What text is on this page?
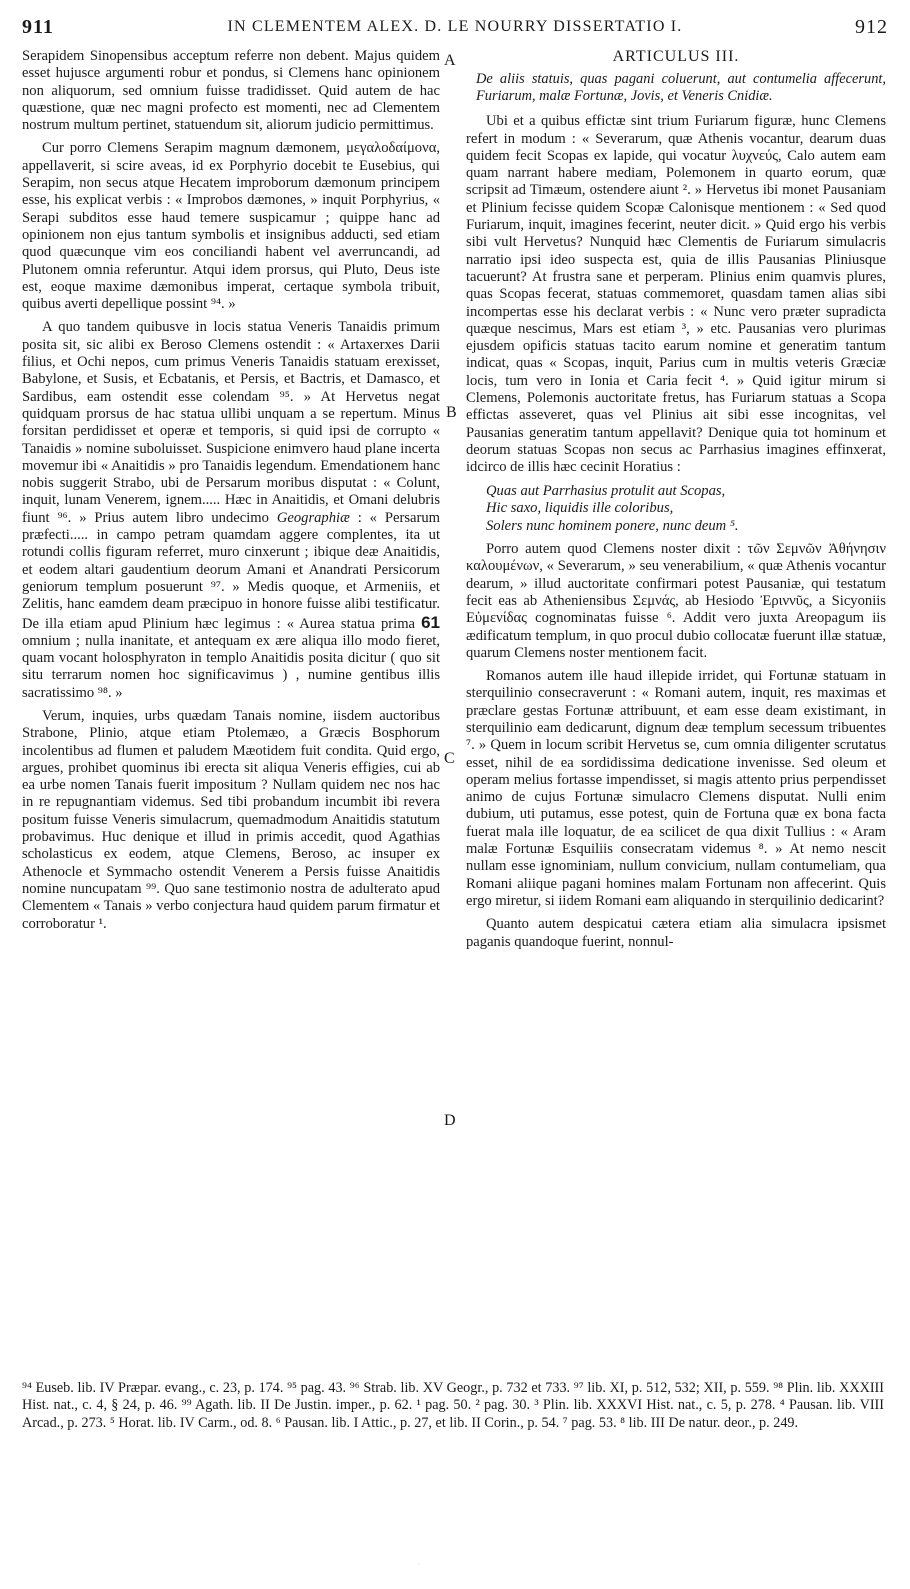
911	IN CLEMENTEM ALEX. D. LE NOURRY DISSERTATIO I.	912

Serapidem Sinopensibus acceptum referre non debent. Majus quidem esset hujusce argumenti robur et pondus, si Clemens hanc opinionem non aliquorum, sed omnium fuisse tradidisset. Quid autem de hac quæstione, quæ nec magni profecto est momenti, nec ad Clementem nostrum multum pertinet, statuendum sit, aliorum judicio permittimus.

Cur porro Clemens Serapim magnum dæmonem, μεγαλοδαίμονα, appellaverit, si scire aveas, id ex Porphyrio docebit te Eusebius, qui Serapim, non secus atque Hecatem improborum dæmonum principem esse, his explicat verbis : « Improbos dæmones, » inquit Porphyrius, « Serapi subditos esse haud temere suspicamur ; quippe hanc ad opinionem non ejus tantum symbolis et insignibus adducti, sed etiam quod quæcunque vim eos conciliandi habent vel averruncandi, ad Plutonem omnia referuntur. Atqui idem prorsus, qui Pluto, Deus iste est, eoque maxime dæmonibus imperat, certaque symbola tribuit, quibus averti depellique possint ⁹⁴. »

A quo tandem quibusve in locis statua Veneris Tanaidis primum posita sit, sic alibi ex Beroso Clemens ostendit : « Artaxerxes Darii filius, et Ochi nepos, cum primus Veneris Tanaidis statuam erexisset, Babylone, et Susis, et Ecbatanis, et Persis, et Bactris, et Damasco, et Sardibus, eam ostendit esse colendam ⁹⁵. » At Hervetus negat quidquam prorsus de hac statua ullibi unquam a se repertum. Minus forsitan perdidisset et operæ et temporis, si quid ipsi de corrupto « Tanaidis » nomine suboluisset. Suspicione enimvero haud plane incerta movemur ibi « Anaitidis » pro Tanaidis legendum. Emendationem hanc nobis suggerit Strabo, ubi de Persarum moribus disputat : « Colunt, inquit, lunam Venerem, ignem..... Hæc in Anaitidis, et Omani delubris fiunt ⁹⁶. » Prius autem libro undecimo Geographiæ : « Persarum præfecti..... in campo petram quamdam aggere complentes, ita ut rotundi collis figuram referret, muro cinxerunt ; ibique deæ Anaitidis, et eodem altari gaudentium deorum Amani et Anandrati Persicorum geniorum templum posuerunt ⁹⁷. » Medis quoque, et Armeniis, et Zelitis, hanc eamdem deam præcipuo in honore fuisse alibi testificatur. De illa etiam apud Plinium hæc legimus : « Aurea statua prima 61 omnium ; nulla inanitate, et antequam ex ære aliqua illo modo fieret, quam vocant holosphyraton in templo Anaitidis posita dicitur ( quo sit situ terrarum nomen hoc significavimus ) , numine gentibus illis sacratissimo ⁹⁸. »

Verum, inquies, urbs quædam Tanais nomine, iisdem auctoribus Strabone, Plinio, atque etiam Ptolemæo, a Græcis Bosphorum incolentibus ad flumen et paludem Mæotidem fuit condita. Quid ergo, argues, prohibet quominus ibi erecta sit aliqua Veneris effigies, cui ab ea urbe nomen Tanais fuerit impositum ? Nullam quidem nec nos hac in re repugnantiam videmus. Sed tibi probandum incumbit ibi revera positum fuisse Veneris simulacrum, quemadmodum Anaitidis statutum probavimus. Huc denique et illud in primis accedit, quod Agathias scholasticus ex eodem, atque Clemens, Beroso, ac insuper ex Athenocle et Symmacho ostendit Venerem a Persis fuisse Anaitidis nomine nuncupatam ⁹⁹. Quo sane testimonio nostra de adulterato apud Clementem « Tanais » verbo conjectura haud quidem parum firmatur et corroboratur ¹.

A
B
C
D
ARTICULUS III.
De aliis statuis, quas pagani coluerunt, aut contumelia affecerunt, Furiarum, malæ Fortunæ, Jovis, et Veneris Cnidiæ.

Ubi et a quibus effictæ sint trium Furiarum figuræ, hunc Clemens refert in modum : « Severarum, quæ Athenis vocantur, dearum duas quidem fecit Scopas ex lapide, qui vocatur λυχνεύς, Calo autem eam quam narrant habere mediam, Polemonem in quarto eorum, quæ scripsit ad Timæum, ostendere aiunt ². » Hervetus ibi monet Pausaniam et Plinium fecisse quidem Scopæ Calonisque mentionem : « Sed quod Furiarum, inquit, imagines fecerint, neuter dicit. » Quid ergo his verbis sibi vult Hervetus? Nunquid hæc Clementis de Furiarum simulacris narratio ipsi ideo suspecta est, quia de illis Pausanias Pliniusque tacuerunt? At frustra sane et perperam. Plinius enim quamvis plures, quas Scopas fecerat, statuas commemoret, quasdam tamen alias sibi incompertas esse his declarat verbis : « Nunc vero præter supradicta quæque nescimus, Mars est etiam ³, » etc. Pausanias vero plurimas ejusdem opificis statuas tacito earum nomine et generatim tantum indicat, quas « Scopas, inquit, Parius cum in multis veteris Græciæ locis, tum vero in Ionia et Caria fecit ⁴. » Quid igitur mirum si Clemens, Polemonis auctoritate fretus, has Furiarum statuas a Scopa effictas asseveret, quas vel Plinius ait sibi esse incognitas, vel Pausanias generatim tantum appellavit? Denique quia tot hominum et deorum statuas Scopas non secus ac Parrhasius imagines effinxerat, idcirco de illis hæc cecinit Horatius :

Quas aut Parrhasius protulit aut Scopas,
Hic saxo, liquidis ille coloribus,
Solers nunc hominem ponere, nunc deum ⁵.

Porro autem quod Clemens noster dixit : τῶν Σεμνῶν Ἀθήνησιν καλουμένων, « Severarum, » seu venerabilium, « quæ Athenis vocantur dearum, » illud auctoritate confirmari potest Pausaniæ, qui testatum fecit eas ab Atheniensibus Σεμνάς, ab Hesiodo Ἐριννῦς, a Sicyoniis Εὐμενίδας cognominatas fuisse ⁶. Addit vero juxta Areopagum iis ædificatum templum, in quo procul dubio collocatæ fuerunt illæ statuæ, quarum Clemens noster mentionem facit.

Romanos autem ille haud illepide irridet, qui Fortunæ statuam in sterquilinio consecraverunt : « Romani autem, inquit, res maximas et præclare gestas Fortunæ attribuunt, et eam esse deam existimant, in sterquilinio eam dedicarunt, dignum deæ templum secessum tribuentes ⁷. » Quem in locum scribit Hervetus se, cum omnia diligenter scrutatus esset, nihil de ea sordidissima dedicatione invenisse. Sed oleum et operam melius fortasse impendisset, si magis attento prius perpendisset animo de cujus Fortunæ simulacro Clemens disputat. Nulli enim dubium, uti putamus, esse potest, quin de Fortuna quæ ex bona facta fuerat mala ille loquatur, de ea scilicet de qua dixit Tullius : « Aram malæ Fortunæ Esquiliis consecratam videmus ⁸. » At nemo nescit nullam esse ignominiam, nullum convicium, nullam contumeliam, qua Romani aliique pagani homines malam Fortunam non affecerint. Quis ergo miretur, si iidem Romani eam aliquando in sterquilinio dedicarint?

Quanto autem despicatui cætera etiam alia simulacra ipsismet paganis quandoque fuerint, nonnul-

⁹⁴ Euseb. lib. IV Præpar. evang., c. 23, p. 174. ⁹⁵ pag. 43. ⁹⁶ Strab. lib. XV Geogr., p. 732 et 733. ⁹⁷ lib. XI, p. 512, 532; XII, p. 559. ⁹⁸ Plin. lib. XXXIII Hist. nat., c. 4, § 24, p. 46. ⁹⁹ Agath. lib. II De Justin. imper., p. 62. ¹ pag. 50. ² pag. 30. ³ Plin. lib. XXXVI Hist. nat., c. 5, p. 278. ⁴ Pausan. lib. VIII Arcad., p. 273. ⁵ Horat. lib. IV Carm., od. 8. ⁶ Pausan. lib. I Attic., p. 27, et lib. II Corin., p. 54. ⁷ pag. 53. ⁸ lib. III De natur. deor., p. 249.
·
